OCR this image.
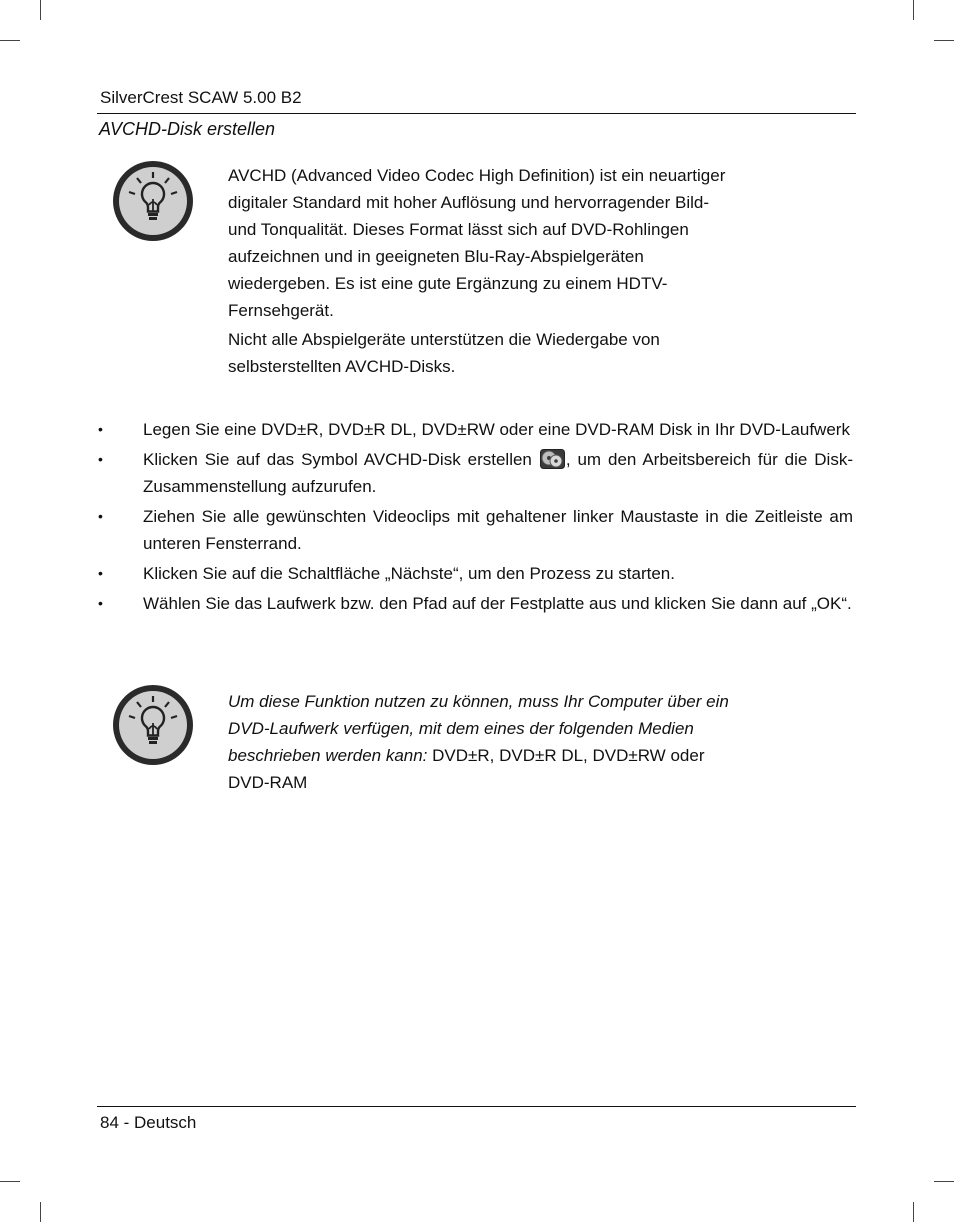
SilverCrest SCAW 5.00 B2
AVCHD-Disk erstellen

AVCHD (Advanced Video Codec High Definition) ist ein neuartiger
digitaler Standard mit hoher Auflösung und hervorragender Bild-
und Tonqualität. Dieses Format lässt sich auf DVD-Rohlingen
aufzeichnen und in geeigneten Blu-Ray-Abspielgeräten
wiedergeben. Es ist eine gute Ergänzung zu einem HDTV-
Fernsehgerät.

Nicht alle Abspielgeräte unterstützen die Wiedergabe von
selbsterstellten AVCHD-Disks.

• Legen Sie eine DVD±R, DVD±R DL, DVD±RW oder eine DVD-RAM Disk in Ihr DVD-Laufwerk
• Klicken Sie auf das Symbol AVCHD-Disk erstellen , um den Arbeitsbereich für die Disk-Zusammenstellung aufzurufen.
• Ziehen Sie alle gewünschten Videoclips mit gehaltener linker Maustaste in die Zeitleiste am unteren Fensterrand.
• Klicken Sie auf die Schaltfläche „Nächste“, um den Prozess zu starten.
• Wählen Sie das Laufwerk bzw. den Pfad auf der Festplatte aus und klicken Sie dann auf „OK“.
Um diese Funktion nutzen zu können, muss Ihr Computer über ein
DVD-Laufwerk verfügen, mit dem eines der folgenden Medien
beschrieben werden kann: DVD±R, DVD±R DL, DVD±RW oder
DVD-RAM
84 - Deutsch
